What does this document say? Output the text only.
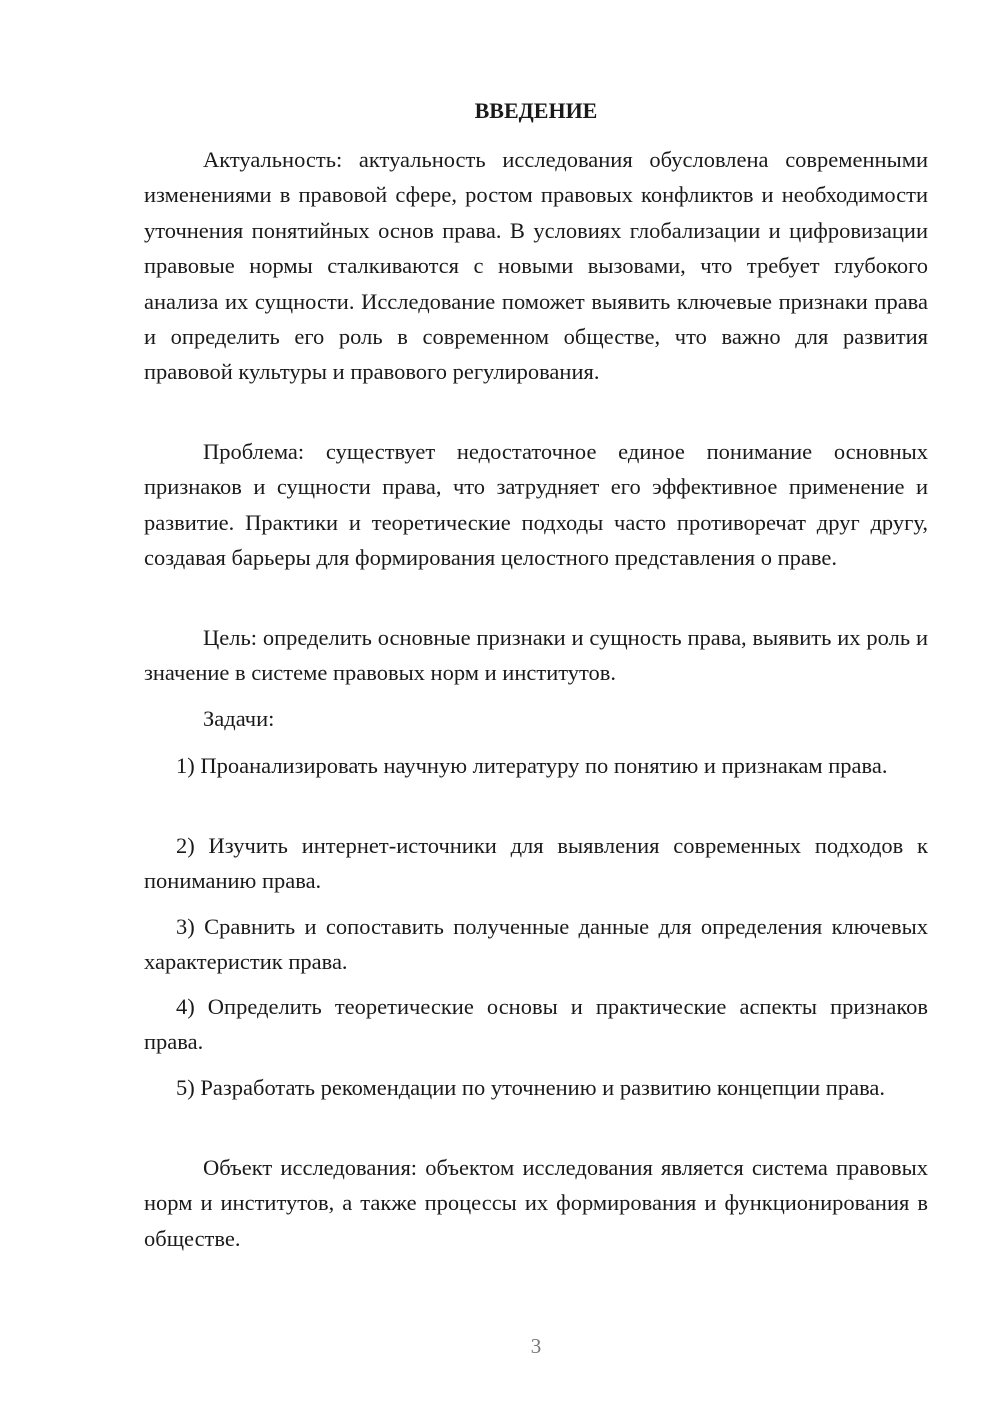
ВВЕДЕНИЕ

Актуальность: актуальность исследования обусловлена современными изменениями в правовой сфере, ростом правовых конфликтов и необходимости уточнения понятийных основ права. В условиях глобализации и цифровизации правовые нормы сталкиваются с новыми вызовами, что требует глубокого анализа их сущности. Исследование поможет выявить ключевые признаки права и определить его роль в современном обществе, что важно для развития правовой культуры и правового регулирования.

Проблема: существует недостаточное единое понимание основных признаков и сущности права, что затрудняет его эффективное применение и развитие. Практики и теоретические подходы часто противоречат друг другу, создавая барьеры для формирования целостного представления о праве.

Цель: определить основные признаки и сущность права, выявить их роль и значение в системе правовых норм и институтов.

Задачи:

1) Проанализировать научную литературу по понятию и признакам права.

2) Изучить интернет-источники для выявления современных подходов к пониманию права.

3) Сравнить и сопоставить полученные данные для определения ключевых характеристик права.

4) Определить теоретические основы и практические аспекты признаков права.

5) Разработать рекомендации по уточнению и развитию концепции права.

Объект исследования: объектом исследования является система правовых норм и институтов, а также процессы их формирования и функционирования в обществе.

3
